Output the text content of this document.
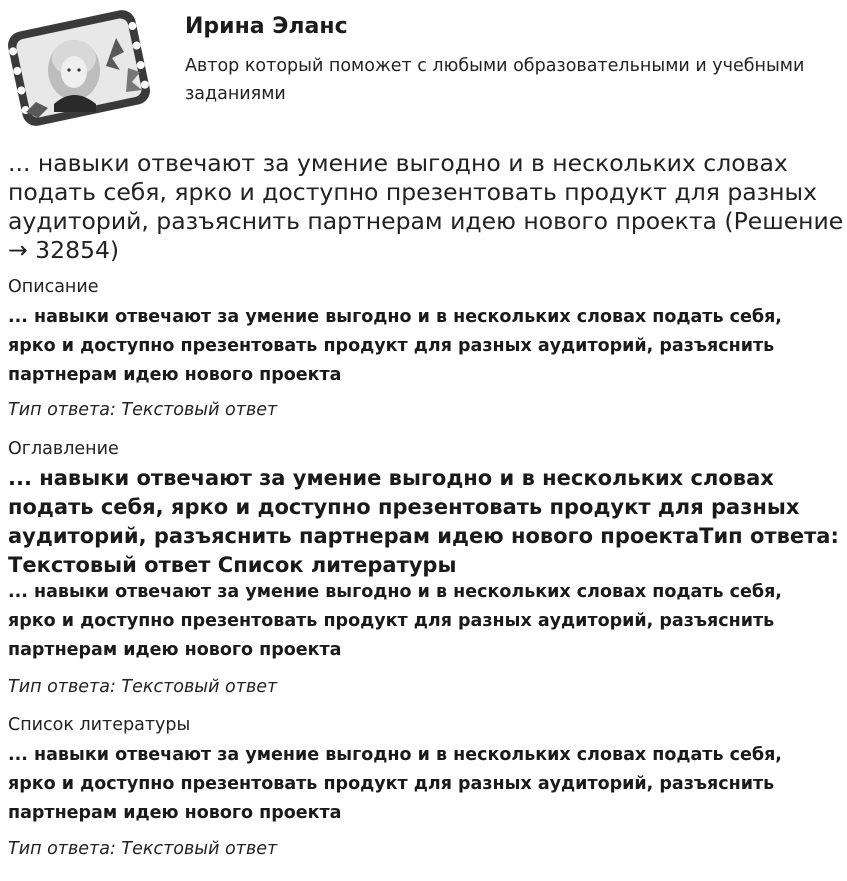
Ирина Эланс
Автор который поможет с любыми образовательными и учебными заданиями
... навыки отвечают за умение выгодно и в нескольких словах подать себя, ярко и доступно презентовать продукт для разных аудиторий, разъяснить партнерам идею нового проекта (Решение → 32854)
Описание
... навыки отвечают за умение выгодно и в нескольких словах подать себя, ярко и доступно презентовать продукт для разных аудиторий, разъяснить партнерам идею нового проекта
Тип ответа: Текстовый ответ
Оглавление
... навыки отвечают за умение выгодно и в нескольких словах подать себя, ярко и доступно презентовать продукт для разных аудиторий, разъяснить партнерам идею нового проектаТип ответа: Текстовый ответ Список литературы
... навыки отвечают за умение выгодно и в нескольких словах подать себя, ярко и доступно презентовать продукт для разных аудиторий, разъяснить партнерам идею нового проекта
Тип ответа: Текстовый ответ
Список литературы
... навыки отвечают за умение выгодно и в нескольких словах подать себя, ярко и доступно презентовать продукт для разных аудиторий, разъяснить партнерам идею нового проекта
Тип ответа: Текстовый ответ
